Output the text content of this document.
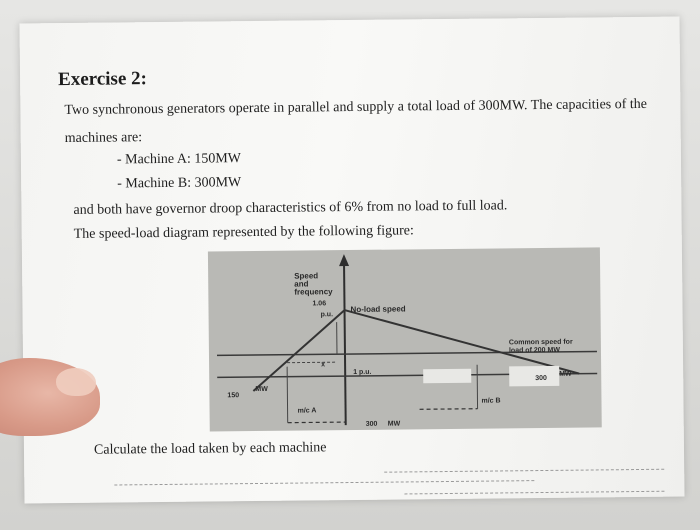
Exercise 2:
Two synchronous generators operate in parallel and supply a total load of 300MW. The capacities of the
machines are:
- Machine A: 150MW
- Machine B: 300MW
and both have governor droop characteristics of 6% from no load to full load.
The speed-load diagram represented by the following figure:
Speed
and
frequency
1.06
p.u.
No-load speed
Common speed for
load of 200 MW
x
1 p.u.
150
MW
300
MW
m/c A
m/c B
300 MW
Calculate the load taken by each machine
